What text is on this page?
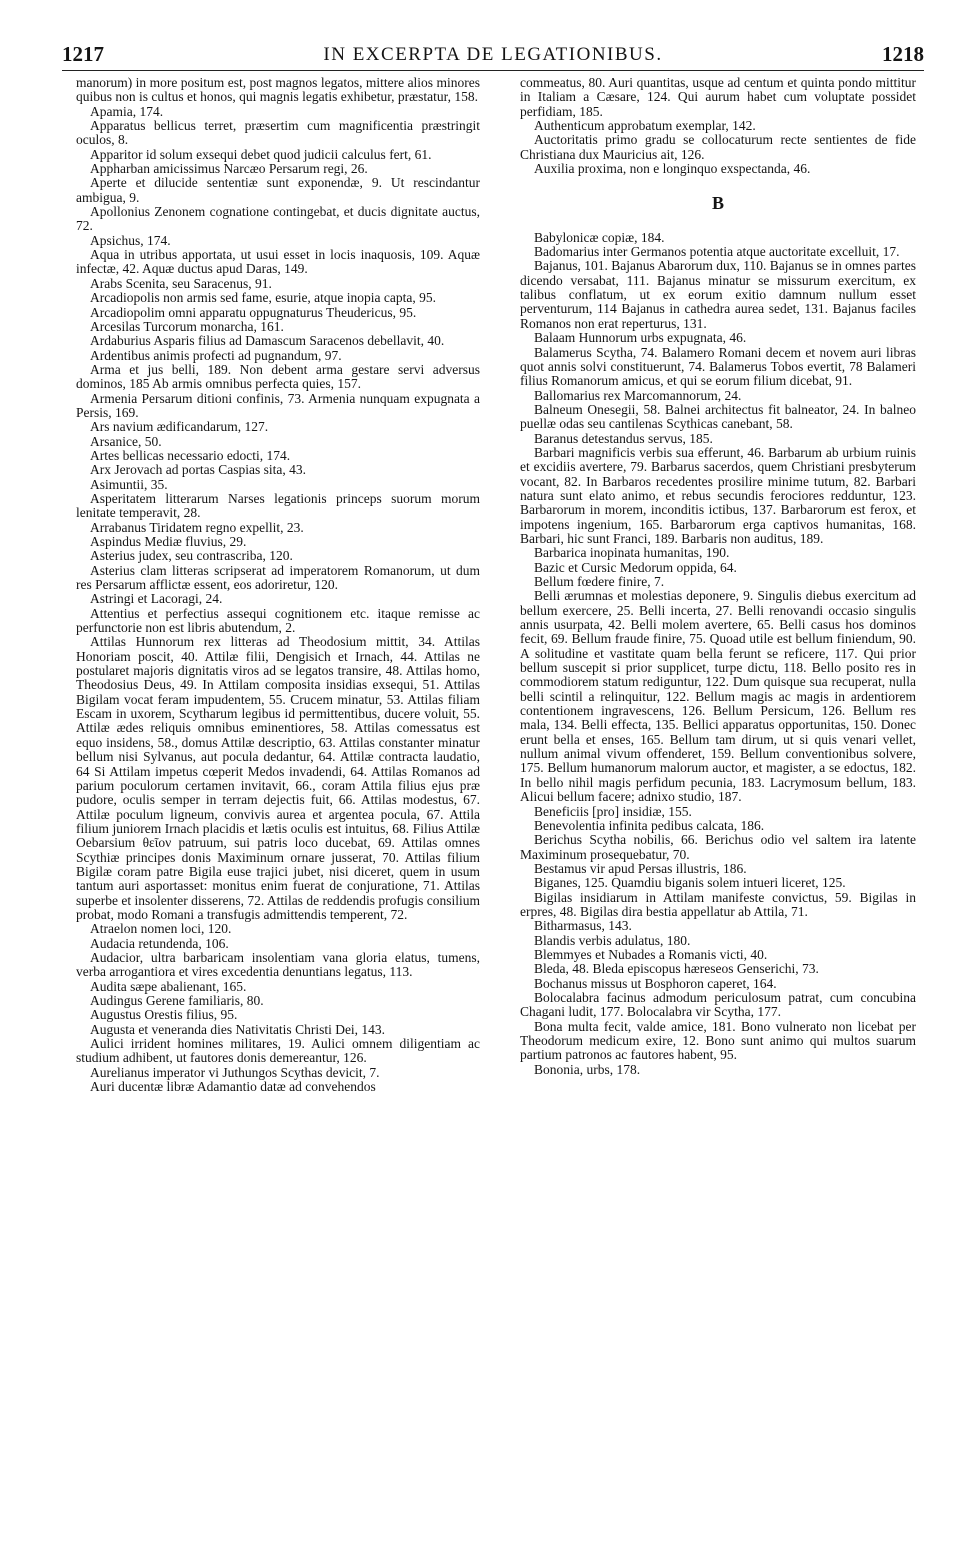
1217	IN EXCERPTA DE LEGATIONIBUS.	1218

manorum) in more positum est, post magnos legatos, mittere alios minores quibus non is cultus et honos, qui magnis legatis exhibetur, præstatur, 158.

Apamia, 174.

Apparatus bellicus terret, præsertim cum magnificentia præstringit oculos, 8.

Apparitor id solum exsequi debet quod judicii calculus fert, 61.

Appharban amicissimus Narcæo Persarum regi, 26.

Aperte et dilucide sententiæ sunt exponendæ, 9. Ut rescindantur ambigua, 9.

Apollonius Zenonem cognatione contingebat, et ducis dignitate auctus, 72.

Apsichus, 174.

Aqua in utribus apportata, ut usui esset in locis inaquosis, 109. Aquæ infectæ, 42. Aquæ ductus apud Daras, 149.

Arabs Scenita, seu Saracenus, 91.

Arcadiopolis non armis sed fame, esurie, atque inopia capta, 95.

Arcadiopolim omni apparatu oppugnaturus Theudericus, 95.

Arcesilas Turcorum monarcha, 161.

Ardaburius Asparis filius ad Damascum Saracenos debellavit, 40.

Ardentibus animis profecti ad pugnandum, 97.

Arma et jus belli, 189. Non debent arma gestare servi adversus dominos, 185 Ab armis omnibus perfecta quies, 157.

Armenia Persarum ditioni confinis, 73. Armenia nunquam expugnata a Persis, 169.

Ars navium ædificandarum, 127.

Arsanice, 50.

Artes bellicas necessario edocti, 174.

Arx Jerovach ad portas Caspias sita, 43.

Asimuntii, 35.

Asperitatem litterarum Narses legationis princeps suorum morum lenitate temperavit, 28.

Arrabanus Tiridatem regno expellit, 23.

Aspindus Mediæ fluvius, 29.

Asterius judex, seu contrascriba, 120.

Asterius clam litteras scripserat ad imperatorem Romanorum, ut dum res Persarum afflictæ essent, eos adoriretur, 120.

Astringi et Lacoragi, 24.

Attentius et perfectius assequi cognitionem etc. itaque remisse ac perfunctorie non est libris abutendum, 2.

Attilas Hunnorum rex litteras ad Theodosium mittit, 34. Attilas Honoriam poscit, 40. Attilæ filii, Dengisich et Irnach, 44. Attilas ne postularet majoris dignitatis viros ad se legatos transire, 48. Attilas homo, Theodosius Deus, 49. In Attilam composita insidias exsequi, 51. Attilas Bigilam vocat feram impudentem, 55. Crucem minatur, 53. Attilas filiam Escam in uxorem, Scytharum legibus id permittentibus, ducere voluit, 55. Attilæ ædes reliquis omnibus eminentiores, 58. Attilas comessatus est equo insidens, 58., domus Attilæ descriptio, 63. Attilas constanter minatur bellum nisi Sylvanus, aut pocula dedantur, 64. Attilæ contracta laudatio, 64 Si Attilam impetus cœperit Medos invadendi, 64. Attilas Romanos ad parium poculorum certamen invitavit, 66., coram Attila filius ejus præ pudore, oculis semper in terram dejectis fuit, 66. Attilas modestus, 67. Attilæ poculum ligneum, convivis aurea et argentea pocula, 67. Attila filium juniorem Irnach placidis et lætis oculis est intuitus, 68. Filius Attilæ Oebarsium θεῖον patruum, sui patris loco ducebat, 69. Attilas omnes Scythiæ principes donis Maximinum ornare jusserat, 70. Attilas filium Bigilæ coram patre Bigila euse trajici jubet, nisi diceret, quem in usum tantum auri asportasset: monitus enim fuerat de conjuratione, 71. Attilas superbe et insolenter disserens, 72. Attilas de reddendis profugis consilium probat, modo Romani a transfugis admittendis temperent, 72.

Atraelon nomen loci, 120.

Audacia retundenda, 106.

Audacior, ultra barbaricam insolentiam vana gloria elatus, tumens, verba arrogantiora et vires excedentia denuntians legatus, 113.

Audita sæpe abalienant, 165.

Audingus Gerene familiaris, 80.

Augustus Orestis filius, 95.

Augusta et veneranda dies Nativitatis Christi Dei, 143.

Aulici irrident homines militares, 19. Aulici omnem diligentiam ac studium adhibent, ut fautores donis demereantur, 126.

Aurelianus imperator vi Juthungos Scythas devicit, 7.

Auri ducentæ libræ Adamantio datæ ad convehendos

commeatus, 80. Auri quantitas, usque ad centum et quinta pondo mittitur in Italiam a Cæsare, 124. Qui aurum habet cum voluptate possidet perfidiam, 185.

Authenticum approbatum exemplar, 142.

Auctoritatis primo gradu se collocaturum recte sentientes de fide Christiana dux Mauricius ait, 126.

Auxilia proxima, non e longinquo exspectanda, 46.

B

Babylonicæ copiæ, 184.

Badomarius inter Germanos potentia atque auctoritate excelluit, 17.

Bajanus, 101. Bajanus Abarorum dux, 110. Bajanus se in omnes partes dicendo versabat, 111. Bajanus minatur se missurum exercitum, ex talibus conflatum, ut ex eorum exitio damnum nullum esset perventurum, 114 Bajanus in cathedra aurea sedet, 131. Bajanus faciles Romanos non erat reperturus, 131.

Balaam Hunnorum urbs expugnata, 46.

Balamerus Scytha, 74. Balamero Romani decem et novem auri libras quot annis solvi constituerunt, 74. Balamerus Tobos evertit, 78 Balameri filius Romanorum amicus, et qui se eorum filium dicebat, 91.

Ballomarius rex Marcomannorum, 24.

Balneum Onesegii, 58. Balnei architectus fit balneator, 24. In balneo puellæ odas seu cantilenas Scythicas canebant, 58.

Baranus detestandus servus, 185.

Barbari magnificis verbis sua efferunt, 46. Barbarum ab urbium ruinis et excidiis avertere, 79. Barbarus sacerdos, quem Christiani presbyterum vocant, 82. In Barbaros recedentes prosilire minime tutum, 82. Barbari natura sunt elato animo, et rebus secundis ferociores redduntur, 123. Barbarorum in morem, inconditis ictibus, 137. Barbarorum est ferox, et impotens ingenium, 165. Barbarorum erga captivos humanitas, 168. Barbari, hic sunt Franci, 189. Barbaris non auditus, 189.

Barbarica inopinata humanitas, 190.

Bazic et Cursic Medorum oppida, 64.

Bellum fœdere finire, 7.

Belli ærumnas et molestias deponere, 9. Singulis diebus exercitum ad bellum exercere, 25. Belli incerta, 27. Belli renovandi occasio singulis annis usurpata, 42. Belli molem avertere, 65. Belli casus hos dominos fecit, 69. Bellum fraude finire, 75. Quoad utile est bellum finiendum, 90. A solitudine et vastitate quam bella ferunt se reficere, 117. Qui prior bellum suscepit si prior supplicet, turpe dictu, 118. Bello posito res in commodiorem statum rediguntur, 122. Dum quisque sua recuperat, nulla belli scintil a relinquitur, 122. Bellum magis ac magis in ardentiorem contentionem ingravescens, 126. Bellum Persicum, 126. Bellum res mala, 134. Belli effecta, 135. Bellici apparatus opportunitas, 150. Donec erunt bella et enses, 165. Bellum tam dirum, ut si quis venari vellet, nullum animal vivum offenderet, 159. Bellum conventionibus solvere, 175. Bellum humanorum malorum auctor, et magister, a se edoctus, 182. In bello nihil magis perfidum pecunia, 183. Lacrymosum bellum, 183. Alicui bellum facere; adnixo studio, 187.

Beneficiis [pro] insidiæ, 155.

Benevolentia infinita pedibus calcata, 186.

Berichus Scytha nobilis, 66. Berichus odio vel saltem ira latente Maximinum prosequebatur, 70.

Bestamus vir apud Persas illustris, 186.

Biganes, 125. Quamdiu biganis solem intueri liceret, 125.

Bigilas insidiarum in Attilam manifeste convictus, 59. Bigilas in erpres, 48. Bigilas dira bestia appellatur ab Attila, 71.

Bitharmasus, 143.

Blandis verbis adulatus, 180.

Blemmyes et Nubades a Romanis victi, 40.

Bleda, 48. Bleda episcopus hæreseos Genserichi, 73.

Bochanus missus ut Bosphoron caperet, 164.

Bolocalabra facinus admodum periculosum patrat, cum concubina Chagani ludit, 177. Bolocalabra vir Scytha, 177.

Bona multa fecit, valde amice, 181. Bono vulnerato non licebat per Theodorum medicum exire, 12. Bono sunt animo qui multos suarum partium patronos ac fautores habent, 95.

Bononia, urbs, 178.
